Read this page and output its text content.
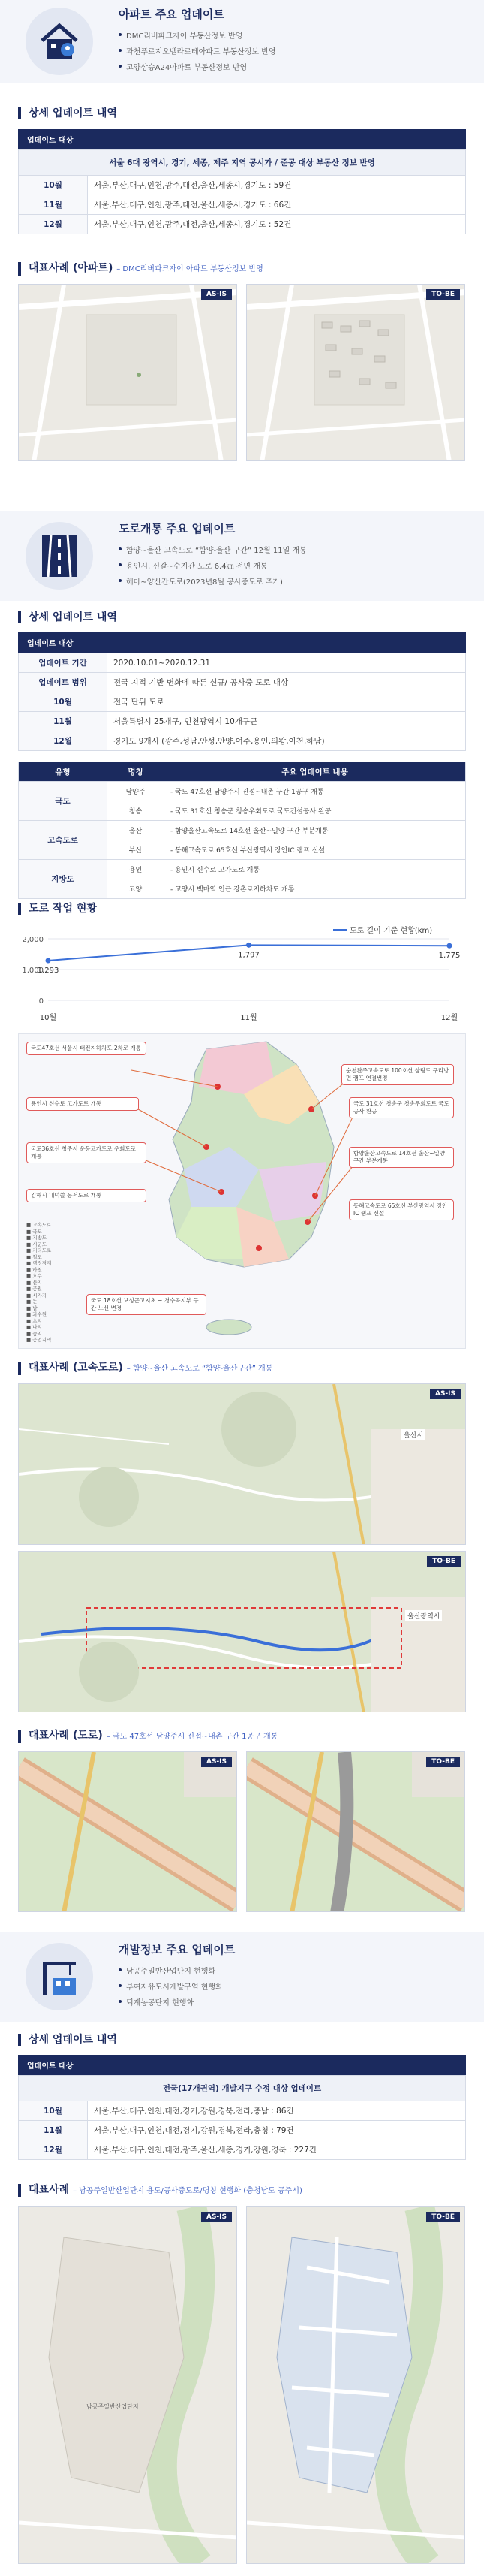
아파트 주요 업데이트
DMC리버파크자이 부동산정보 반영
과천푸르지오벨라르테아파트 부동산정보 반영
고양상승A24아파트 부동산정보 반영
상세 업데이트 내역
업데이트 대상
서울 6대 광역시, 경기, 세종, 제주 지역 공시가 / 준공 대상 부동산 정보 반영	
10월	서울,부산,대구,인천,광주,대전,울산,세종시,경기도 : 59건
11월	서울,부산,대구,인천,광주,대전,울산,세종시,경기도 : 66건
12월	서울,부산,대구,인천,광주,대전,울산,세종시,경기도 : 52건
대표사례 (아파트) – DMC리버파크자이 아파트 부동산정보 반영
AS-IS	TO-BE
도로개통 주요 업데이트
함양~울산 고속도로 “함양-울산 구간” 12월 11일 개통
용인시, 신갈~수지간 도로 6.4㎞ 전면 개통
해마~양산간도로(2023년8월 공사중도로 추가)
상세 업데이트 내역
업데이트 대상
업데이트 기간	2020.10.01~2020.12.31
업데이트 범위	전국 지적 기반 변화에 따른 신규/ 공사중 도로 대상
10월	전국 단위 도로
11월	서울특별시 25개구, 인천광역시 10개구군
12월	경기도 9개시 (광주,성남,안성,안양,여주,용인,의왕,이천,하남)
유형	명칭	주요 업데이트 내용
국도	남양주	- 국도 47호선 남양주시 진접~내촌 구간 1공구 개통
	청송	- 국도 31호선 청송군 청송우회도로 국도건설공사 완공
고속도로	울산	- 함양울산고속도로 14호선 울산~밀양 구간 부분개통
	부산	- 동해고속도로 65호선 부산광역시 장안IC 램프 신설
지방도	용인	- 용인시 신수로 고가도로 개통
	고양	- 고양시 백마역 인근 강촌로지하차도 개통
도로 작업 현황
2,000
1,000
0
1,293
10월
1,797
11월
1,775
12월
도로 길이 기준 현황(km)
국도47호선 서울시 태전지하차도 2차로 개통
용인시 신수로 고가도로 개통
국도36호선 청주시 운동고가도로 우회도로 개통
김해시 내덕쓸 동서도로 개통
국도 18호선 보성군고지초 ~ 청수곡지부 구간 노선 변경
순천완주고속도로 100호선 상림도 구리방면 램프 연결변경
국도 31호선 청송군 청송우회도로 국도공사 완공
함양울산고속도로 14호선 울산~밀양 구간 부분개통
동해고속도로 65호선 부산광역시 장안IC 램프 신설
■ 고속도로
■ 국도
■ 지방도
■ 시군도
■ 기타도로
■ 철도
■ 행정경계
■ 하천
■ 호수
■ 산지
■ 공원
■ 시가지
■ 논
■ 밭
■ 과수원
■ 초지
■ 나지
■ 습지
■ 공업지역
대표사례 (고속도로) – 함양~울산 고속도로 “함양-울산구간” 개통
AS-IS
울산시
TO-BE
울산광역시
대표사례 (도로) – 국도 47호선 남양주시 진접~내촌 구간 1공구 개통
AS-IS	TO-BE
개발정보 주요 업데이트
남공주일반산업단지 현행화
부여자유도시개발구역 현행화
퇴계농공단지 현행화
상세 업데이트 내역
업데이트 대상
전국(17개권역) 개발지구 수정 대상 업데이트	
10월	서울,부산,대구,인천,대전,경기,강원,경북,전라,충남 : 86건
11월	서울,부산,대구,인천,대전,경기,강원,경북,전라,충청 : 79건
12월	서울,부산,대구,인천,대전,광주,울산,세종,경기,강원,경북 : 227건
대표사례 – 남공주일반산업단지 용도/공사중도로/명칭 현행화 (충청남도 공주시)
AS-IS
남공주일반산업단지
TO-BE
